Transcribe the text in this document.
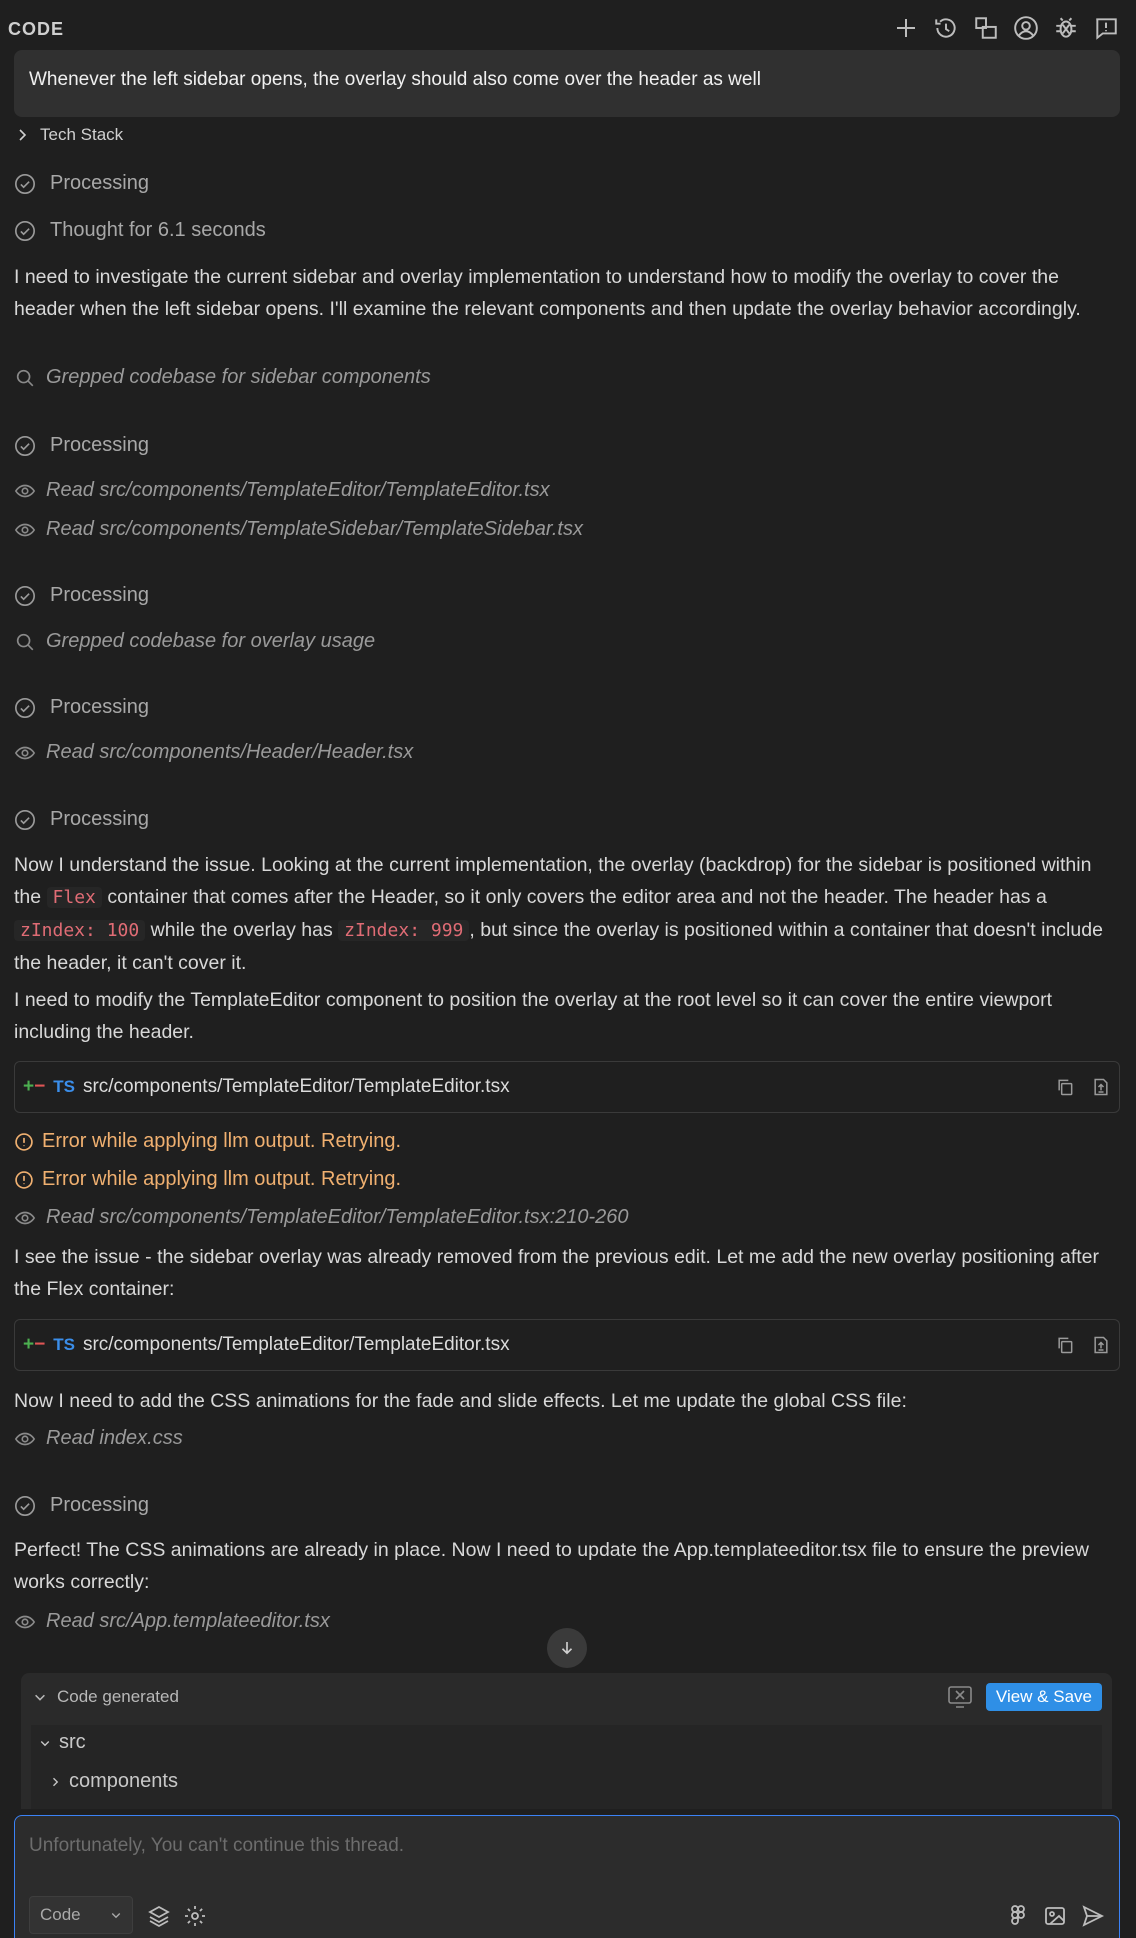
CODE
Whenever the left sidebar opens, the overlay should also come over the header as well
Tech Stack
Processing
Thought for 6.1 seconds
I need to investigate the current sidebar and overlay implementation to understand how to modify the overlay to cover the header when the left sidebar opens. I'll examine the relevant components and then update the overlay behavior accordingly.
Grepped codebase for sidebar components
Processing
Read src/components/TemplateEditor/TemplateEditor.tsx
Read src/components/TemplateSidebar/TemplateSidebar.tsx
Processing
Grepped codebase for overlay usage
Processing
Read src/components/Header/Header.tsx
Processing
Now I understand the issue. Looking at the current implementation, the overlay (backdrop) for the sidebar is positioned within the Flex container that comes after the Header, so it only covers the editor area and not the header. The header has a zIndex: 100 while the overlay has zIndex: 999 , but since the overlay is positioned within a container that doesn't include the header, it can't cover it.
I need to modify the TemplateEditor component to position the overlay at the root level so it can cover the entire viewport including the header.
+− TS src/components/TemplateEditor/TemplateEditor.tsx
Error while applying llm output. Retrying.
Error while applying llm output. Retrying.
Read src/components/TemplateEditor/TemplateEditor.tsx:210-260
I see the issue - the sidebar overlay was already removed from the previous edit. Let me add the new overlay positioning after the Flex container:
+− TS src/components/TemplateEditor/TemplateEditor.tsx
Now I need to add the CSS animations for the fade and slide effects. Let me update the global CSS file:
Read index.css
Processing
Perfect! The CSS animations are already in place. Now I need to update the App.templateeditor.tsx file to ensure the preview works correctly:
Read src/App.templateeditor.tsx
Code generated	View & Save
src
components
Unfortunately, You can't continue this thread.
Code
